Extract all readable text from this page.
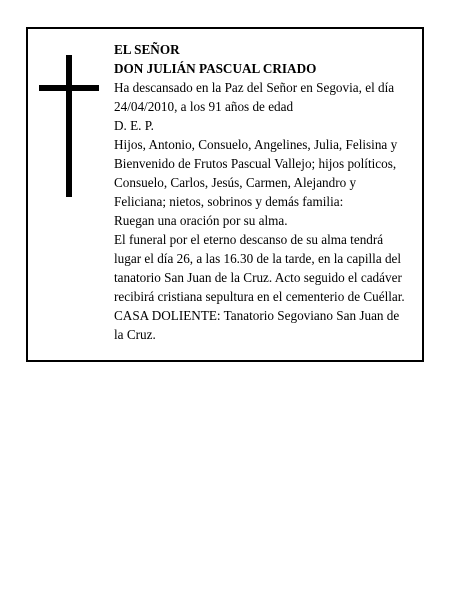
EL SEÑOR
DON JULIÁN PASCUAL CRIADO
Ha descansado en la Paz del Señor en Segovia, el día
24/04/2010, a los 91 años de edad
D. E. P.
Hijos, Antonio, Consuelo, Angelines, Julia, Felisina y
Bienvenido de Frutos Pascual Vallejo; hijos políticos,
Consuelo, Carlos, Jesús, Carmen, Alejandro y
Feliciana; nietos, sobrinos y demás familia:
Ruegan una oración por su alma.
El funeral por el eterno descanso de su alma tendrá
lugar el día 26, a las 16.30 de la tarde, en la capilla del
tanatorio San Juan de la Cruz. Acto seguido el cadáver
recibirá cristiana sepultura en el cementerio de Cuéllar.
CASA DOLIENTE: Tanatorio Segoviano San Juan de
la Cruz.
